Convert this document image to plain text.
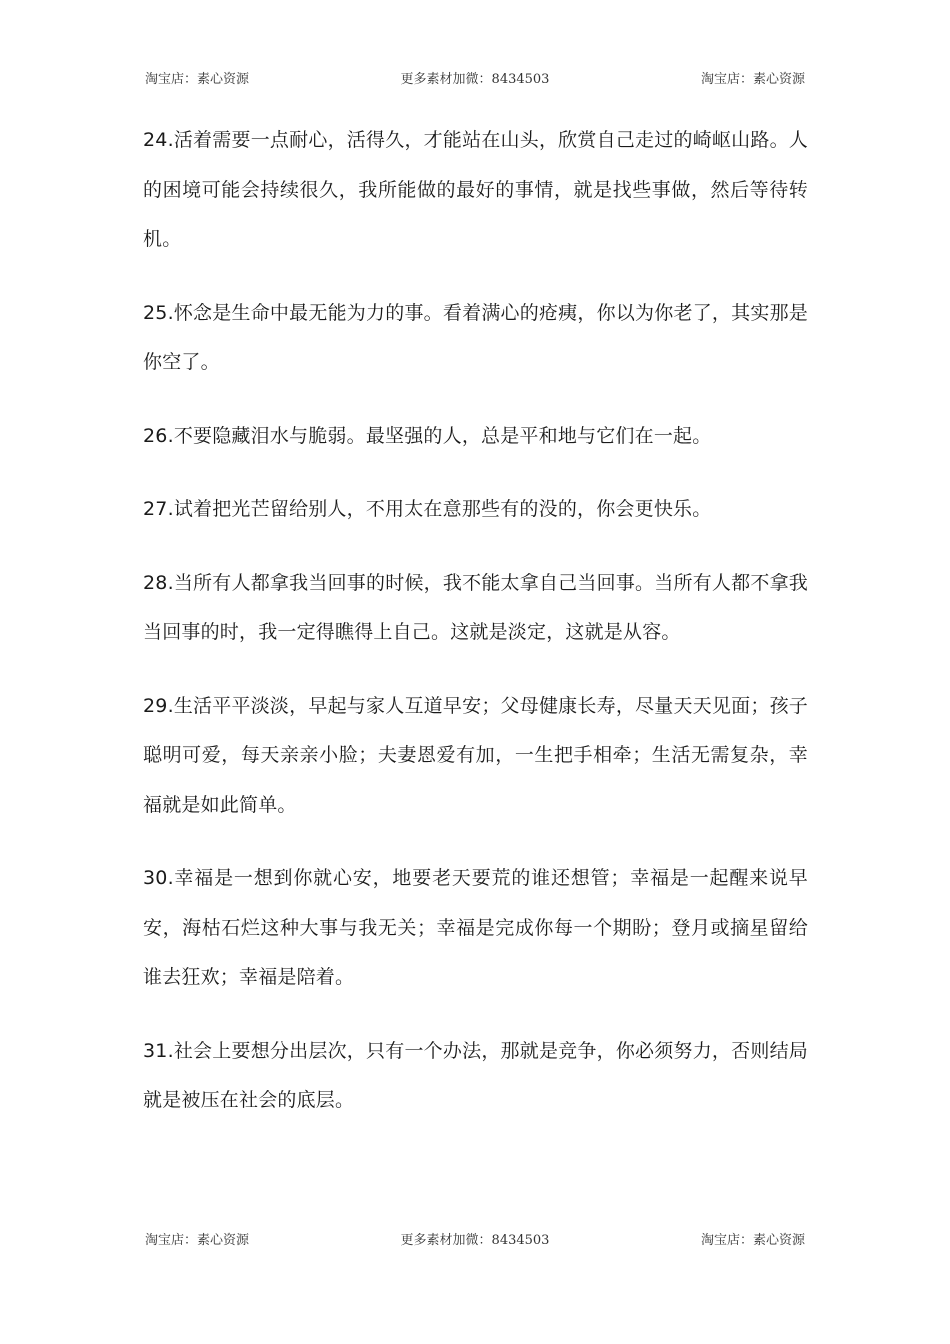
淘宝店：素心资源	更多素材加微：8434503	淘宝店：素心资源

24.活着需要一点耐心，活得久，才能站在山头，欣赏自己走过的崎岖山路。人的困境可能会持续很久，我所能做的最好的事情，就是找些事做，然后等待转机。

25.怀念是生命中最无能为力的事。看着满心的疮痍，你以为你老了，其实那是你空了。

26.不要隐藏泪水与脆弱。最坚强的人，总是平和地与它们在一起。

27.试着把光芒留给别人，不用太在意那些有的没的，你会更快乐。

28.当所有人都拿我当回事的时候，我不能太拿自己当回事。当所有人都不拿我当回事的时，我一定得瞧得上自己。这就是淡定，这就是从容。

29.生活平平淡淡，早起与家人互道早安；父母健康长寿，尽量天天见面；孩子聪明可爱，每天亲亲小脸；夫妻恩爱有加，一生把手相牵；生活无需复杂，幸福就是如此简单。

30.幸福是一想到你就心安，地要老天要荒的谁还想管；幸福是一起醒来说早安，海枯石烂这种大事与我无关；幸福是完成你每一个期盼；登月或摘星留给谁去狂欢；幸福是陪着。

31.社会上要想分出层次，只有一个办法，那就是竞争，你必须努力，否则结局就是被压在社会的底层。

淘宝店：素心资源	更多素材加微：8434503	淘宝店：素心资源
